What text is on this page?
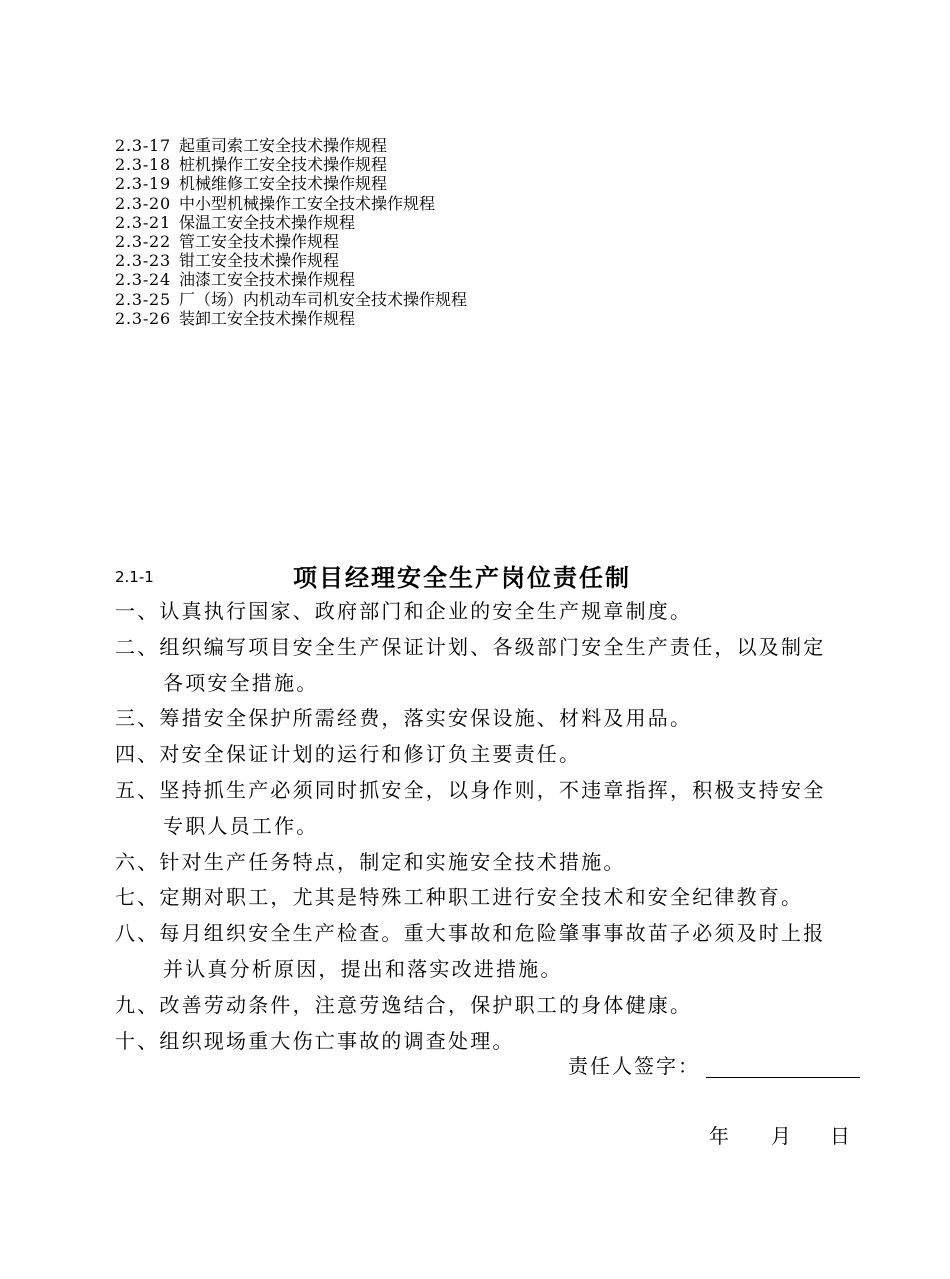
2.3-17 起重司索工安全技术操作规程
2.3-18 桩机操作工安全技术操作规程
2.3-19 机械维修工安全技术操作规程
2.3-20 中小型机械操作工安全技术操作规程
2.3-21 保温工安全技术操作规程
2.3-22 管工安全技术操作规程
2.3-23 钳工安全技术操作规程
2.3-24 油漆工安全技术操作规程
2.3-25 厂（场）内机动车司机安全技术操作规程
2.3-26 装卸工安全技术操作规程
2.1-1	项目经理安全生产岗位责任制
一、认真执行国家、政府部门和企业的安全生产规章制度。
二、组织编写项目安全生产保证计划、各级部门安全生产责任，以及制定
各项安全措施。
三、筹措安全保护所需经费，落实安保设施、材料及用品。
四、对安全保证计划的运行和修订负主要责任。
五、坚持抓生产必须同时抓安全，以身作则，不违章指挥，积极支持安全
专职人员工作。
六、针对生产任务特点，制定和实施安全技术措施。
七、定期对职工，尤其是特殊工种职工进行安全技术和安全纪律教育。
八、每月组织安全生产检查。重大事故和危险肇事事故苗子必须及时上报
并认真分析原因，提出和落实改进措施。
九、改善劳动条件，注意劳逸结合，保护职工的身体健康。
十、组织现场重大伤亡事故的调查处理。
责任人签字：
年 月 日
